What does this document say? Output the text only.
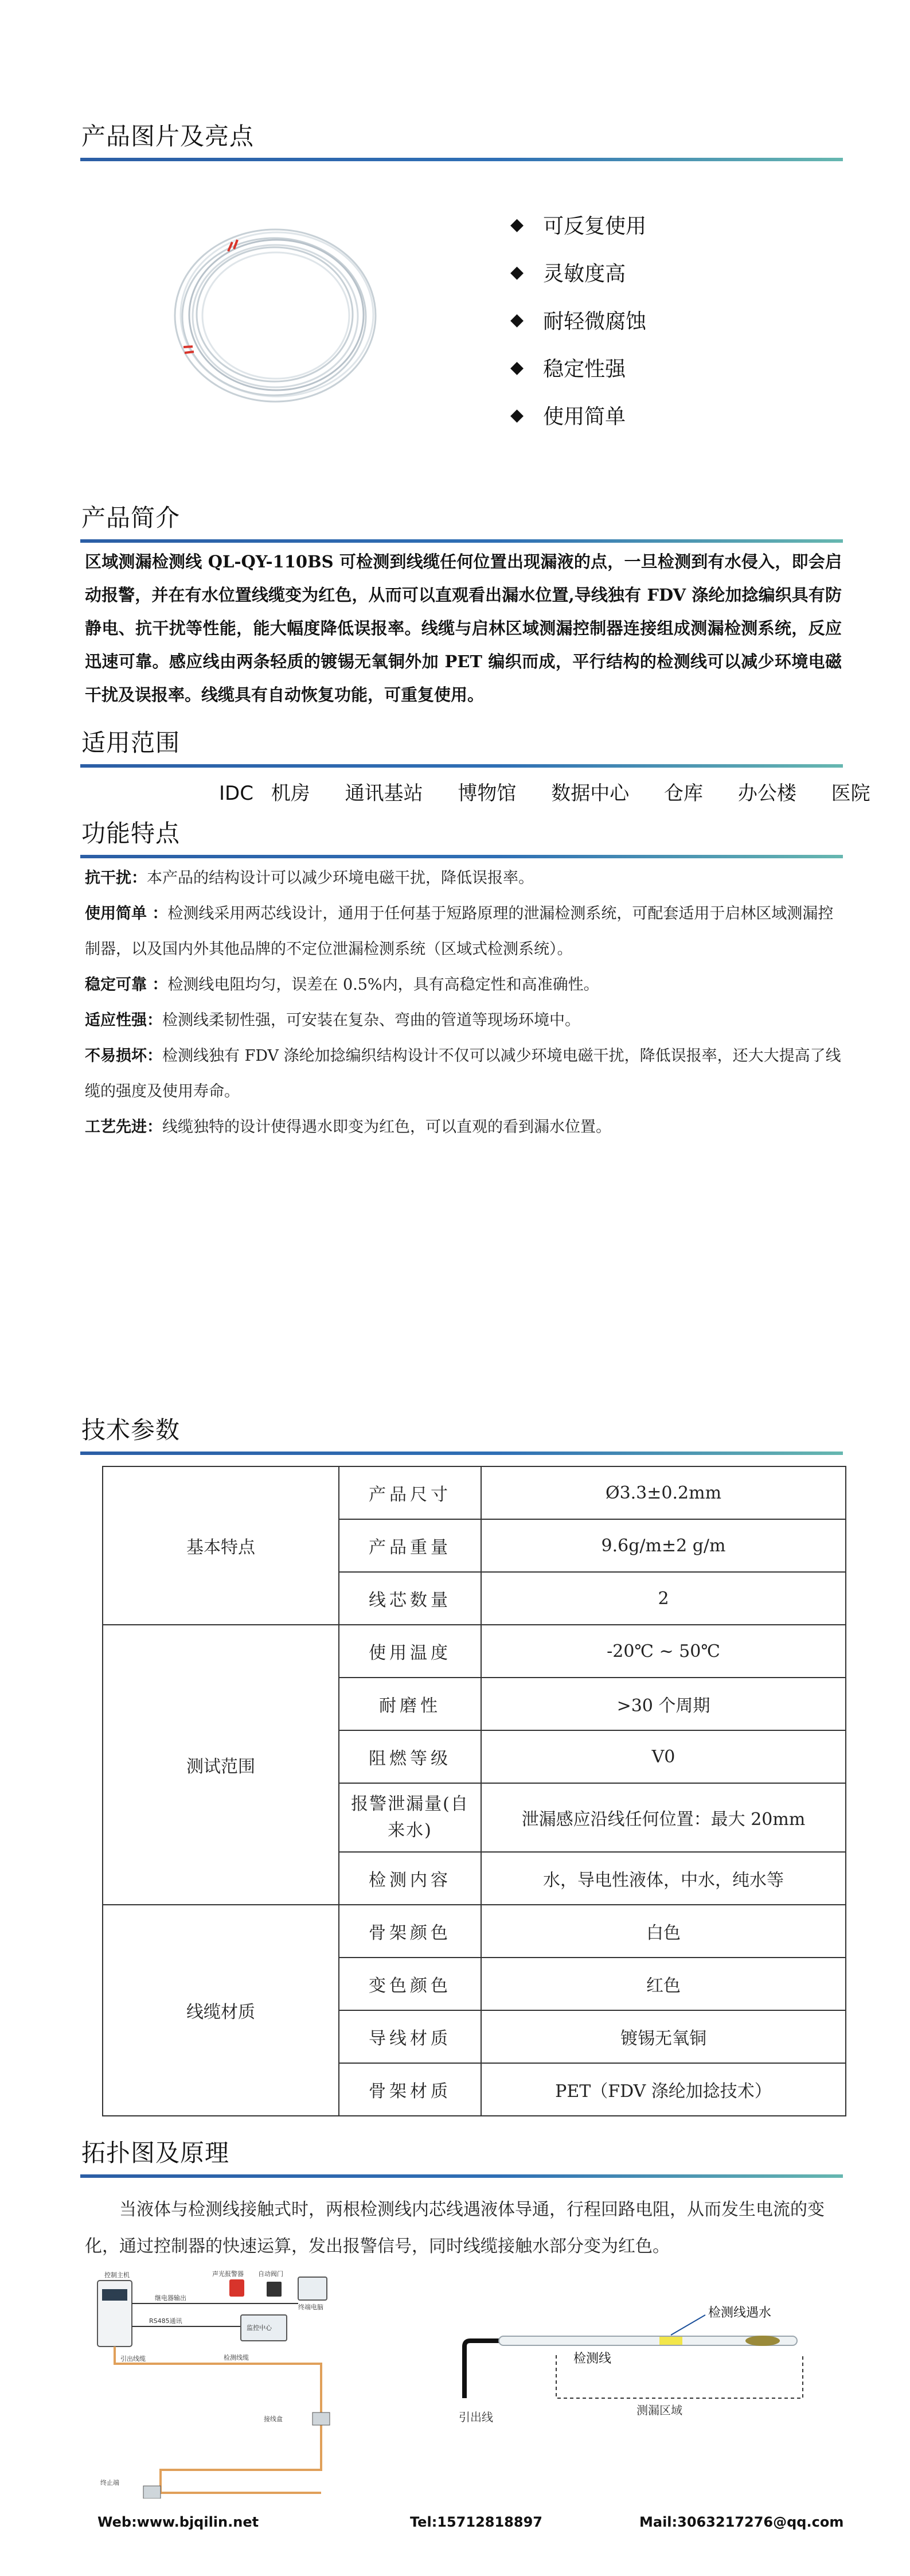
产品图片及亮点
◆ 可反复使用
◆ 灵敏度高
◆ 耐轻微腐蚀
◆ 稳定性强
◆ 使用简单
产品简介

区域测漏检测线 QL-QY-110BS 可检测到线缆任何位置出现漏液的点，一旦检测到有水侵入，即会启动报警，并在有水位置线缆变为红色，从而可以直观看出漏水位置,导线独有 FDV 涤纶加捻编织具有防静电、抗干扰等性能，能大幅度降低误报率。线缆与启林区域测漏控制器连接组成测漏检测系统，反应迅速可靠。感应线由两条轻质的镀锡无氧铜外加 PET 编织而成，平行结构的检测线可以减少环境电磁干扰及误报率。线缆具有自动恢复功能，可重复使用。

适用范围
IDC 机房 通讯基站 博物馆 数据中心 仓库 办公楼 医院
功能特点

抗干扰：本产品的结构设计可以减少环境电磁干扰，降低误报率。

使用简单 ：检测线采用两芯线设计，通用于任何基于短路原理的泄漏检测系统，可配套适用于启林区域测漏控制器，以及国内外其他品牌的不定位泄漏检测系统（区域式检测系统）。

稳定可靠 ：检测线电阻均匀，误差在 0.5%内，具有高稳定性和高准确性。

适应性强：检测线柔韧性强，可安装在复杂、弯曲的管道等现场环境中。

不易损坏：检测线独有 FDV 涤纶加捻编织结构设计不仅可以减少环境电磁干扰，降低误报率，还大大提高了线缆的强度及使用寿命。

工艺先进：线缆独特的设计使得遇水即变为红色，可以直观的看到漏水位置。

技术参数
基本特点	产品尺寸	Ø3.3±0.2mm
	产品重量	9.6g/m±2 g/m
	线芯数量	2
测试范围	使用温度	-20℃ ~ 50℃
	耐磨性	>30 个周期
	阻燃等级	V0
	报警泄漏量(自来水)	泄漏感应沿线任何位置：最大 20mm
	检测内容	水，导电性液体，中水，纯水等
线缆材质	骨架颜色	白色
	变色颜色	红色
	导线材质	镀锡无氧铜
	骨架材质	PET（FDV 涤纶加捻技术）
拓扑图及原理

当液体与检测线接触式时，两根检测线内芯线遇液体导通，行程回路电阻，从而发生电流的变化，通过控制器的快速运算，发出报警信号，同时线缆接触水部分变为红色。

控制主机	声光报警器 自动阀门
终端电脑
继电器输出
RS485通讯
监控中心
引出线缆	检测线缆
接线盒
终止端
检测线遇水
引出线
检测线
测漏区域
Web:www.bjqilin.net	Tel:15712818897	Mail:3063217276@qq.com
